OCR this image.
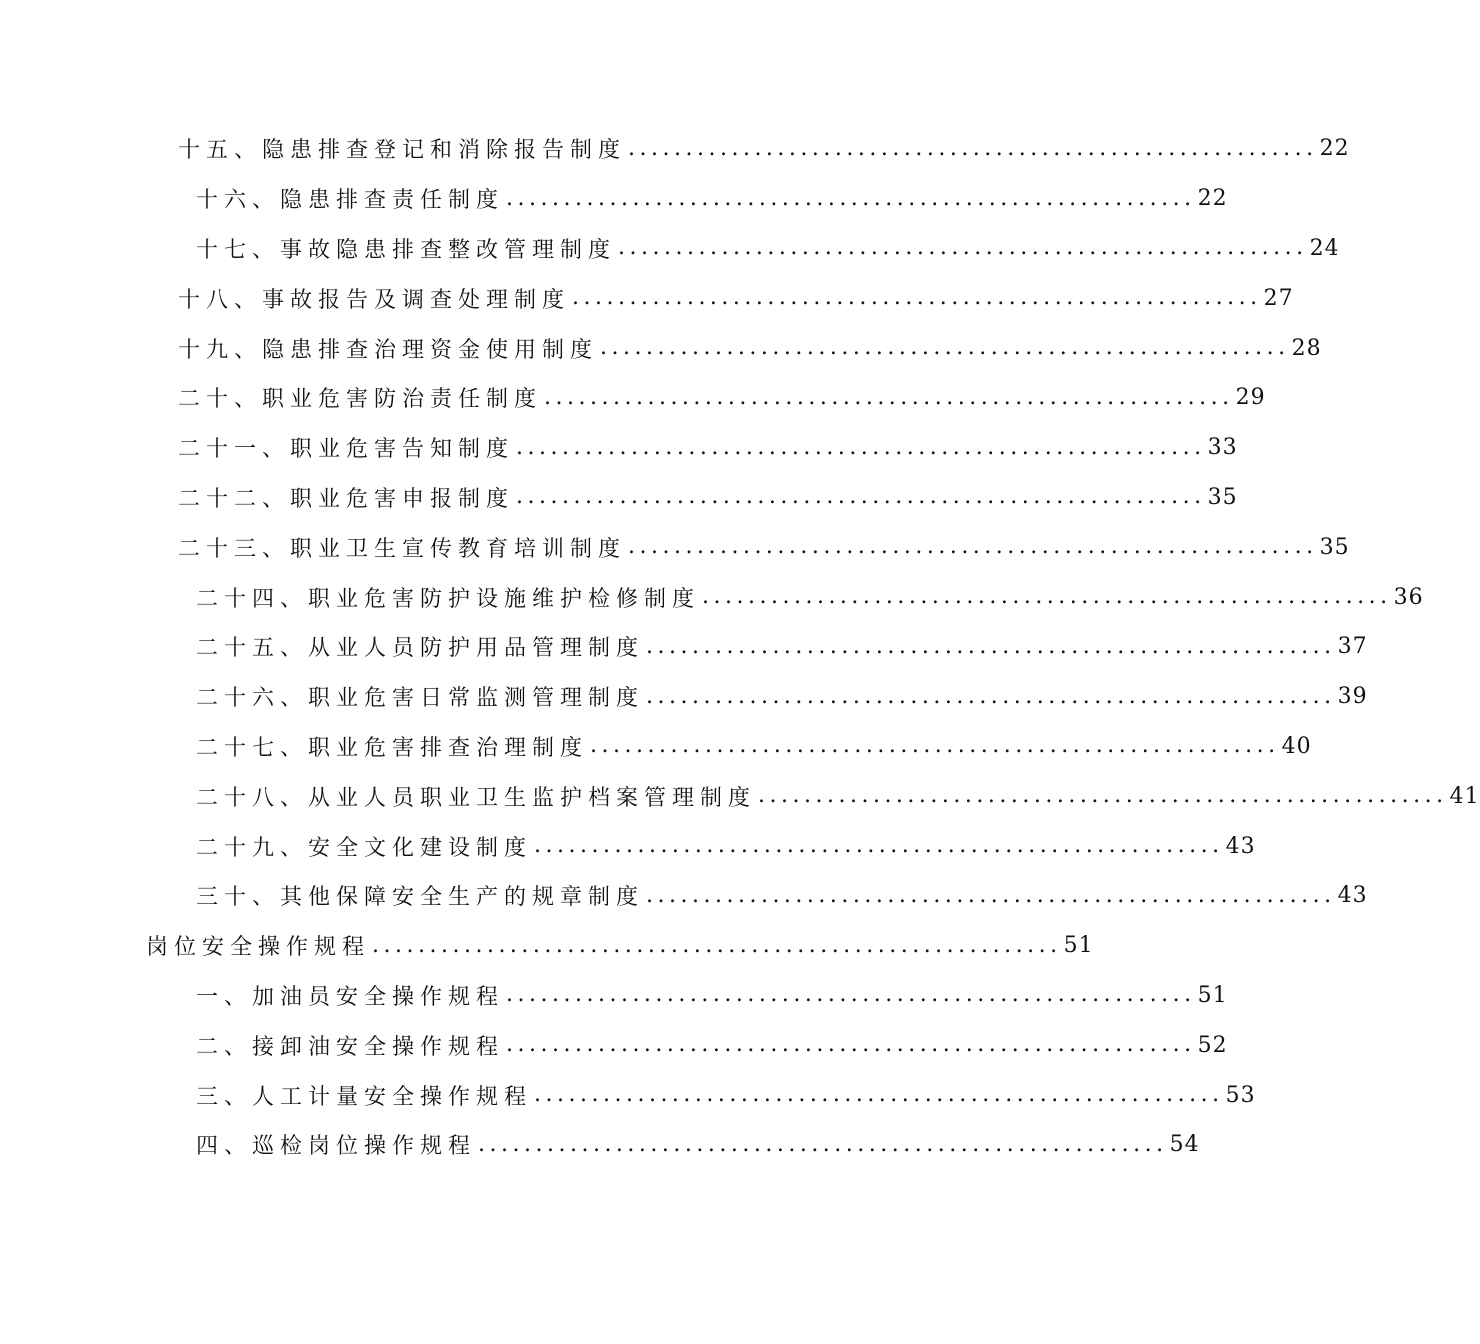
十五、隐患排查登记和消除报告制度 ............................................................ 22
十六、隐患排查责任制度 ............................................................ 22
十七、事故隐患排查整改管理制度 ............................................................ 24
十八、事故报告及调查处理制度 ............................................................ 27
十九、隐患排查治理资金使用制度 ............................................................ 28
二十、职业危害防治责任制度 ............................................................ 29
二十一、职业危害告知制度 ............................................................ 33
二十二、职业危害申报制度 ............................................................ 35
二十三、职业卫生宣传教育培训制度 ............................................................ 35
二十四、职业危害防护设施维护检修制度 ............................................................ 36
二十五、从业人员防护用品管理制度 ............................................................ 37
二十六、职业危害日常监测管理制度 ............................................................ 39
二十七、职业危害排查治理制度 ............................................................ 40
二十八、从业人员职业卫生监护档案管理制度 ............................................................ 41
二十九、安全文化建设制度 ............................................................ 43
三十、其他保障安全生产的规章制度 ............................................................ 43
岗位安全操作规程 ............................................................ 51
一、加油员安全操作规程 ............................................................ 51
二、接卸油安全操作规程 ............................................................ 52
三、人工计量安全操作规程 ............................................................ 53
四、巡检岗位操作规程 ............................................................ 54
